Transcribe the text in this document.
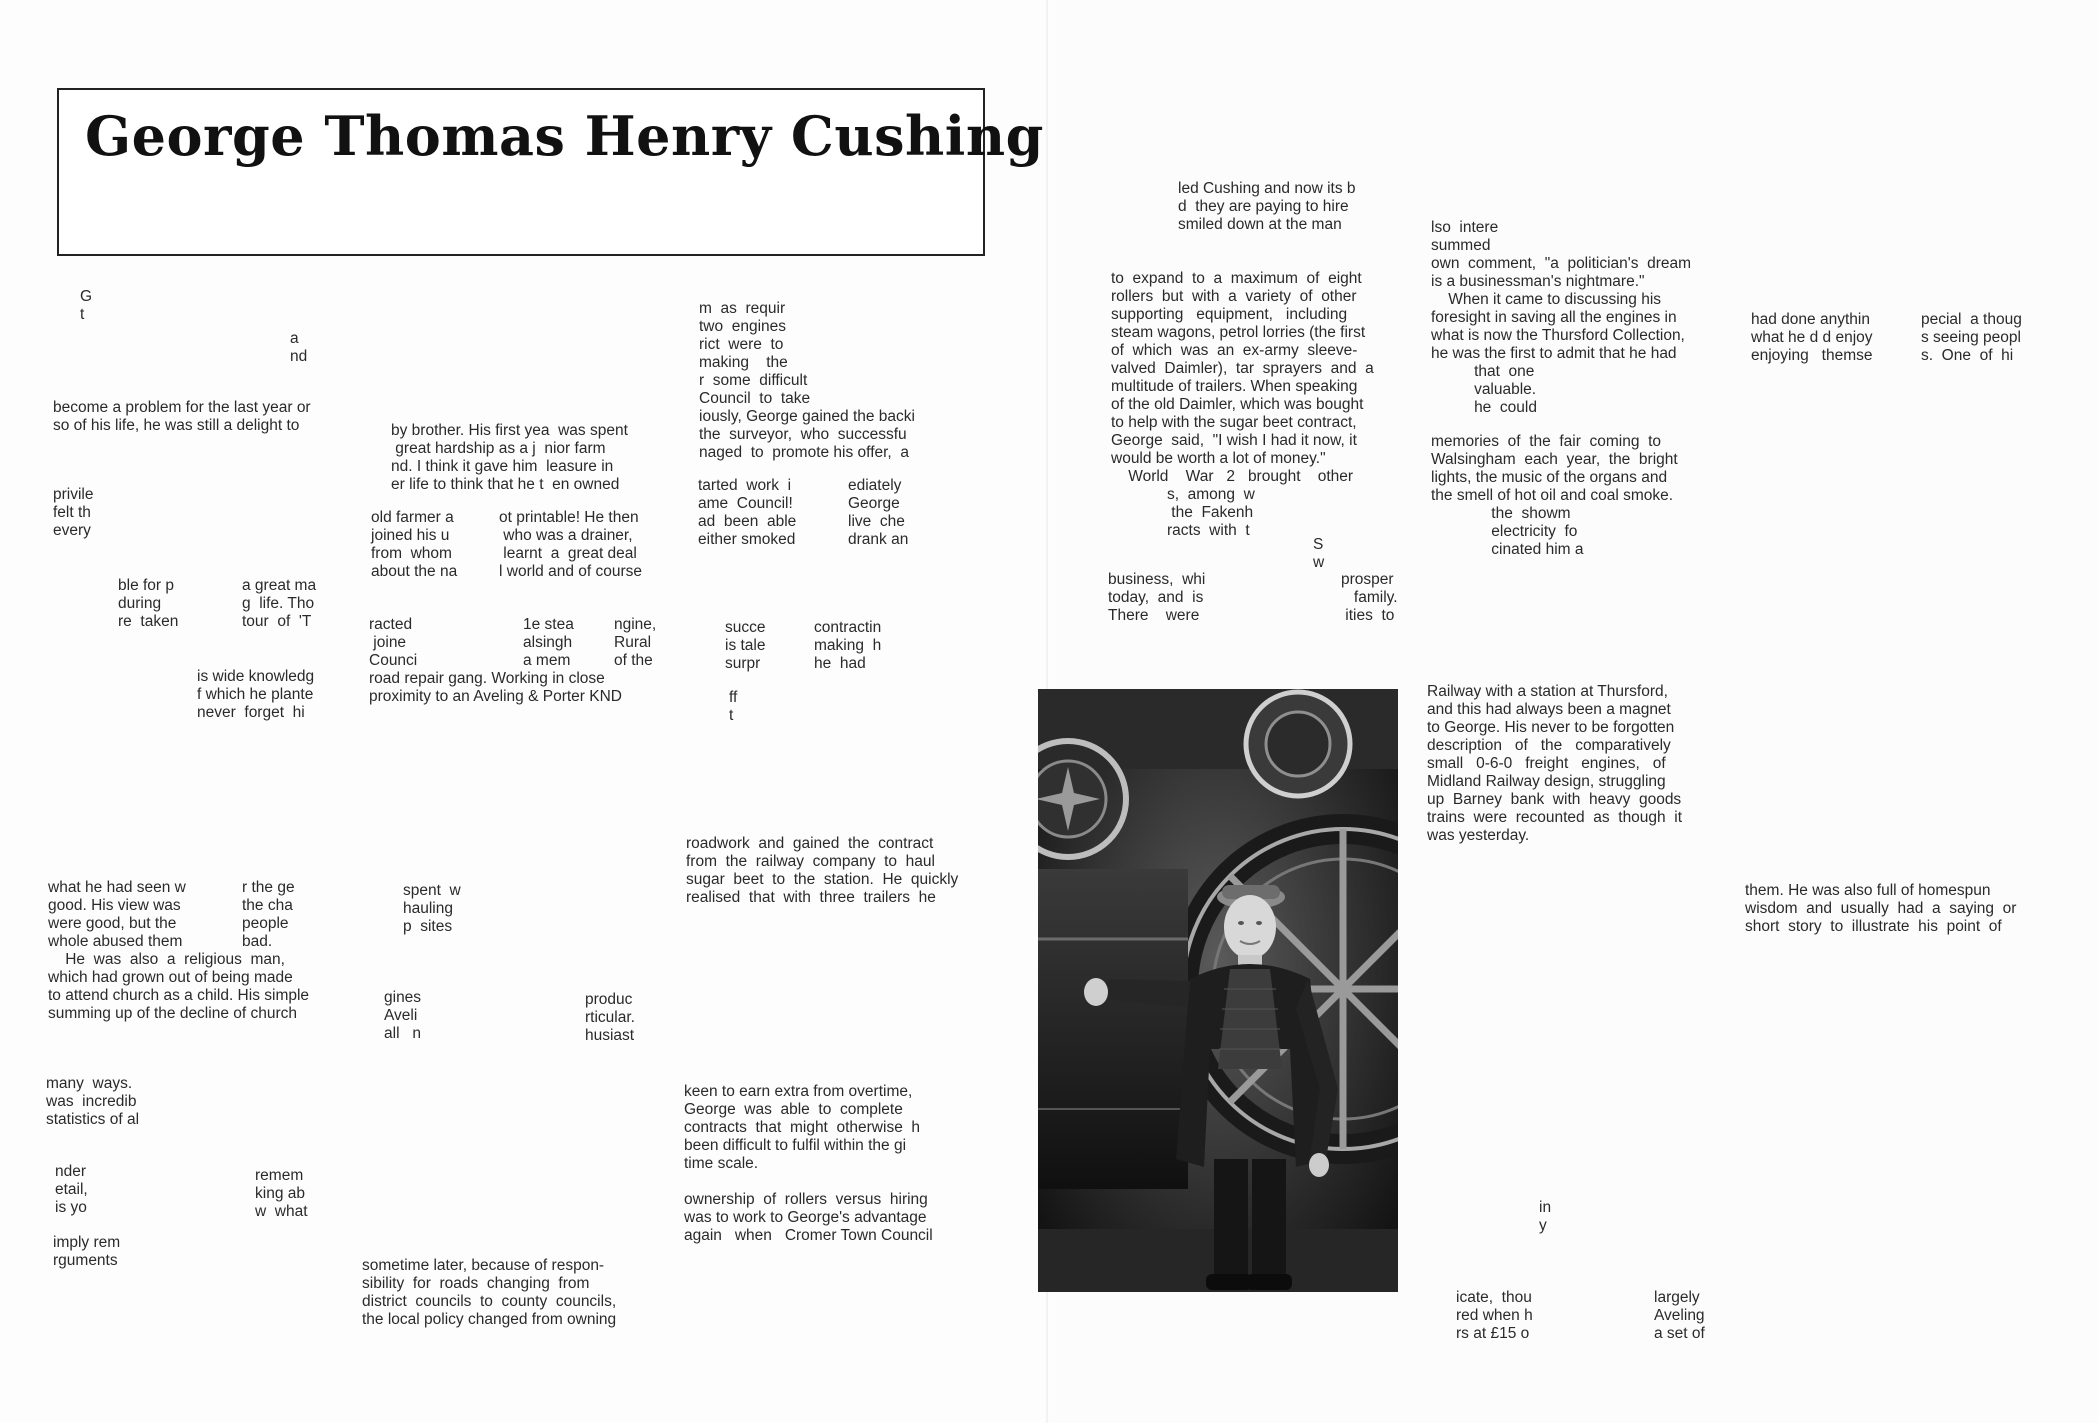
George Thomas Henry Cushing

G
t

a
nd

become a problem for the last year or
so of his life, he was still a delight to

privile
felt th
every

ble for p
during
re  taken

a great ma
g  life. Tho
tour  of  'T

is wide knowledg
f which he plante
never  forget  hi

by brother. His first yea  was spent
great hardship as a j  nior farm
nd. I think it gave him  leasure in
er life to think that he t  en owned

old farmer a
joined his u
from  whom
about the na

ot printable! He then
who was a drainer,
learnt  a  great deal
l world and of course

racted
joine
Counci
road repair gang. Working in close
proximity to an Aveling & Porter KND

1e stea
alsingh
a mem

ngine,
Rural
of the

m  as  requir
two  engines
rict  were  to
making    the
r  some  difficult
Council  to  take
iously, George gained the backi
the  surveyor,  who  successfu
naged  to  promote his offer,  a

tarted  work  i
ame  Council!
ad  been  able
either smoked

ediately
George
live  che
drank an

succe
is tale
surpr

contractin
making  h
he  had

ff
t

what he had seen w
good. His view was
were good, but the
whole abused them
He  was  also  a  religious  man,
which had grown out of being made
to attend church as a child. His simple
summing up of the decline of church

r the ge
the cha
people
bad.

spent  w
hauling
p  sites

gines
Aveli
all   n

produc
rticular.
husiast

roadwork  and  gained  the  contract
from  the  railway  company  to  haul
sugar  beet  to  the  station.  He  quickly
realised  that  with  three  trailers  he

many  ways.
was  incredib
statistics of al

nder
etail,
is yo

remem
king ab
w  what

imply rem
rguments

keen to earn extra from overtime,
George  was  able  to  complete
contracts  that  might  otherwise  h
been difficult to fulfil within the gi
time scale.

ownership  of  rollers  versus  hiring
was to work to George's advantage
again   when   Cromer Town Council

sometime later, because of respon-
sibility  for  roads  changing  from
district  councils  to  county  councils,
the local policy changed from owning

led Cushing and now its b
d  they are paying to hire
smiled down at the man

to  expand  to  a  maximum  of  eight
rollers  but  with  a  variety  of  other
supporting   equipment,   including
steam wagons, petrol lorries (the first
of  which  was  an  ex-army  sleeve-
valved  Daimler),  tar  sprayers  and  a
multitude of trailers. When speaking
of the old Daimler, which was bought
to help with the sugar beet contract,
George  said,  "I wish I had it now, it
would be worth a lot of money."
World    War   2   brought    other
s,  among  w
the  Fakenh
racts  with  t

S
w

business,  whi
today,  and  is
There    were

prosper
family.
ities  to

lso  intere
summed
own  comment,  "a  politician's  dream
is a businessman's nightmare."
When it came to discussing his
foresight in saving all the engines in
what is now the Thursford Collection,
he was the first to admit that he had
that  one
valuable.
he  could

memories  of  the  fair  coming  to
Walsingham  each  year,  the  bright
lights, the music of the organs and
the smell of hot oil and coal smoke.
the  showm
electricity  fo
cinated him a

had done anythin
what he d d enjoy
enjoying   themse

pecial  a thoug
s seeing peopl
s.  One  of  hi

Railway with a station at Thursford,
and this had always been a magnet
to George. His never to be forgotten
description   of   the   comparatively
small   0-6-0   freight   engines,   of
Midland Railway design, struggling
up  Barney  bank  with  heavy  goods
trains  were  recounted  as  though  it
was yesterday.

them. He was also full of homespun
wisdom  and  usually  had  a  saying  or
short  story  to  illustrate  his  point  of

in
y

icate,  thou
red when h
rs at £15 o

largely
Aveling
a set of
